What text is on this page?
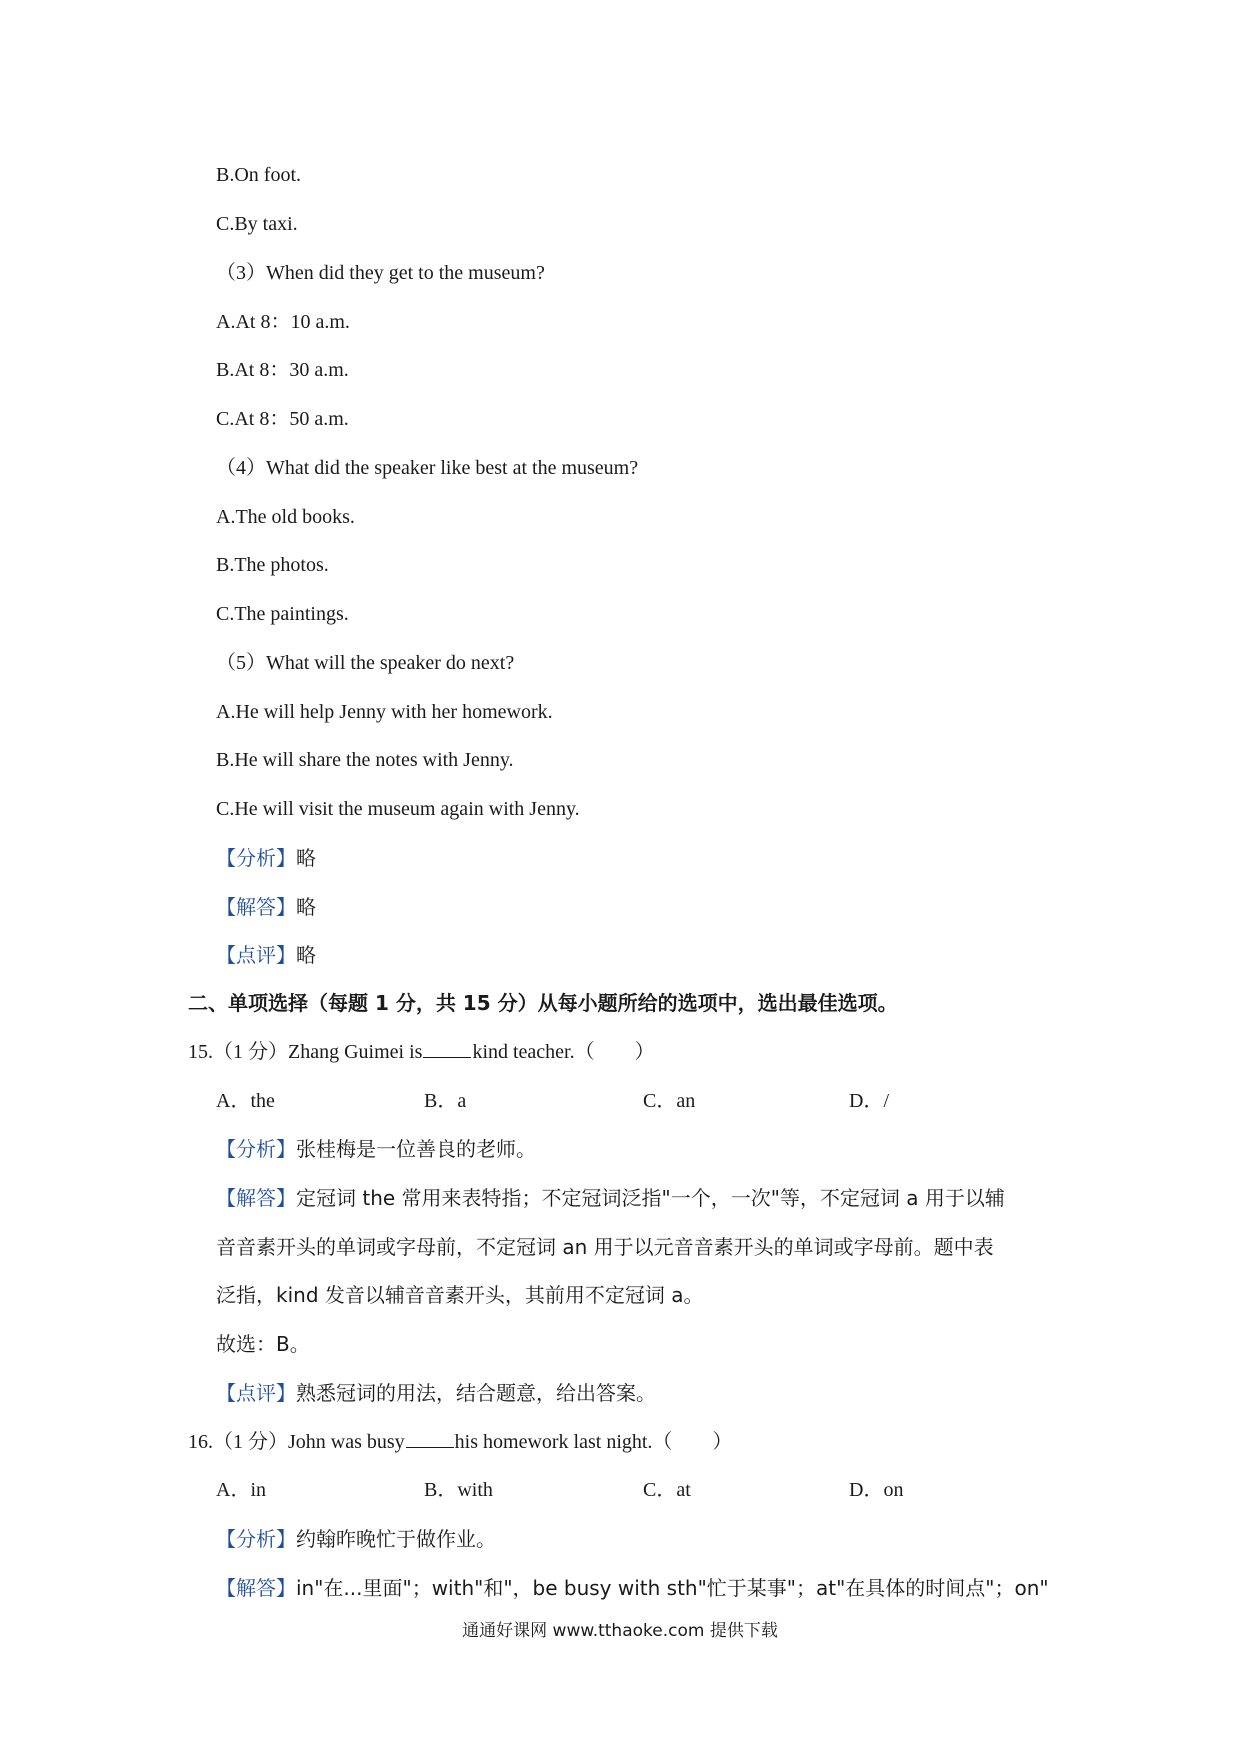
B.On foot.
C.By taxi.
（3）When did they get to the museum?
A.At 8：10 a.m.
B.At 8：30 a.m.
C.At 8：50 a.m.
（4）What did the speaker like best at the museum?
A.The old books.
B.The photos.
C.The paintings.
（5）What will the speaker do next?
A.He will help Jenny with her homework.
B.He will share the notes with Jenny.
C.He will visit the museum again with Jenny.
【分析】略
【解答】略
【点评】略
二、单项选择（每题 1 分，共 15 分）从每小题所给的选项中，选出最佳选项。
15.（1 分）Zhang Guimei is	kind teacher.（　　）
A．the	B．a	C．an	D．/
【分析】张桂梅是一位善良的老师。
【解答】定冠词 the 常用来表特指；不定冠词泛指"一个，一次"等，不定冠词 a 用于以辅
音音素开头的单词或字母前，不定冠词 an 用于以元音音素开头的单词或字母前。题中表
泛指，kind 发音以辅音音素开头，其前用不定冠词 a。
故选：B。
【点评】熟悉冠词的用法，结合题意，给出答案。
16.（1 分）John was busy	his homework last night.（　　）
A．in	B．with	C．at	D．on
【分析】约翰昨晚忙于做作业。
【解答】in"在...里面"；with"和"，be busy with sth"忙于某事"；at"在具体的时间点"；on"
通通好课网 www.tthaoke.com 提供下载
